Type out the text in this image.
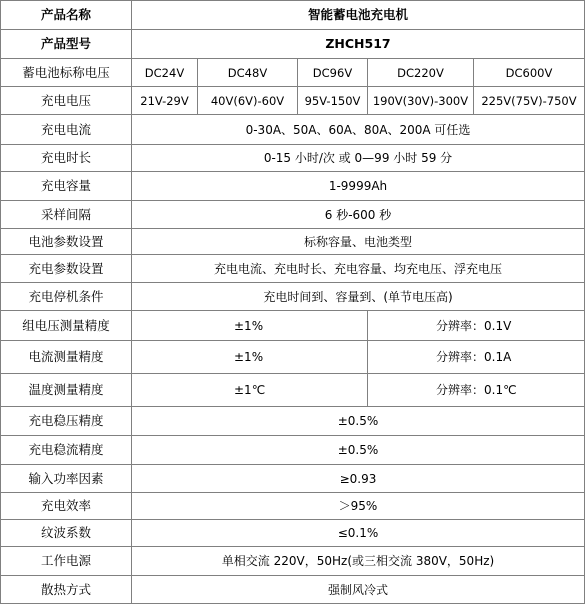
产品名称	智能蓄电池充电机				
产品型号	ZHCH517				
蓄电池标称电压	DC24V	DC48V	DC96V	DC220V	DC600V
充电电压	21V-29V	40V(6V)-60V	95V-150V	190V(30V)-300V	225V(75V)-750V
充电电流	0-30A、50A、60A、80A、200A 可任选				
充电时长	0-15 小时/次 或 0—99 小时 59 分				
充电容量	1-9999Ah				
采样间隔	6 秒-600 秒				
电池参数设置	标称容量、电池类型				
充电参数设置	充电电流、充电时长、充电容量、均充电压、浮充电压				
充电停机条件	充电时间到、容量到、(单节电压高)				
组电压测量精度	±1%			分辨率：0.1V	
电流测量精度	±1%			分辨率：0.1A	
温度测量精度	±1℃			分辨率：0.1℃	
充电稳压精度	±0.5%				
充电稳流精度	±0.5%				
输入功率因素	≥0.93				
充电效率	＞95%				
纹波系数	≤0.1%				
工作电源	单相交流 220V，50Hz(或三相交流 380V，50Hz)				
散热方式	强制风冷式				
